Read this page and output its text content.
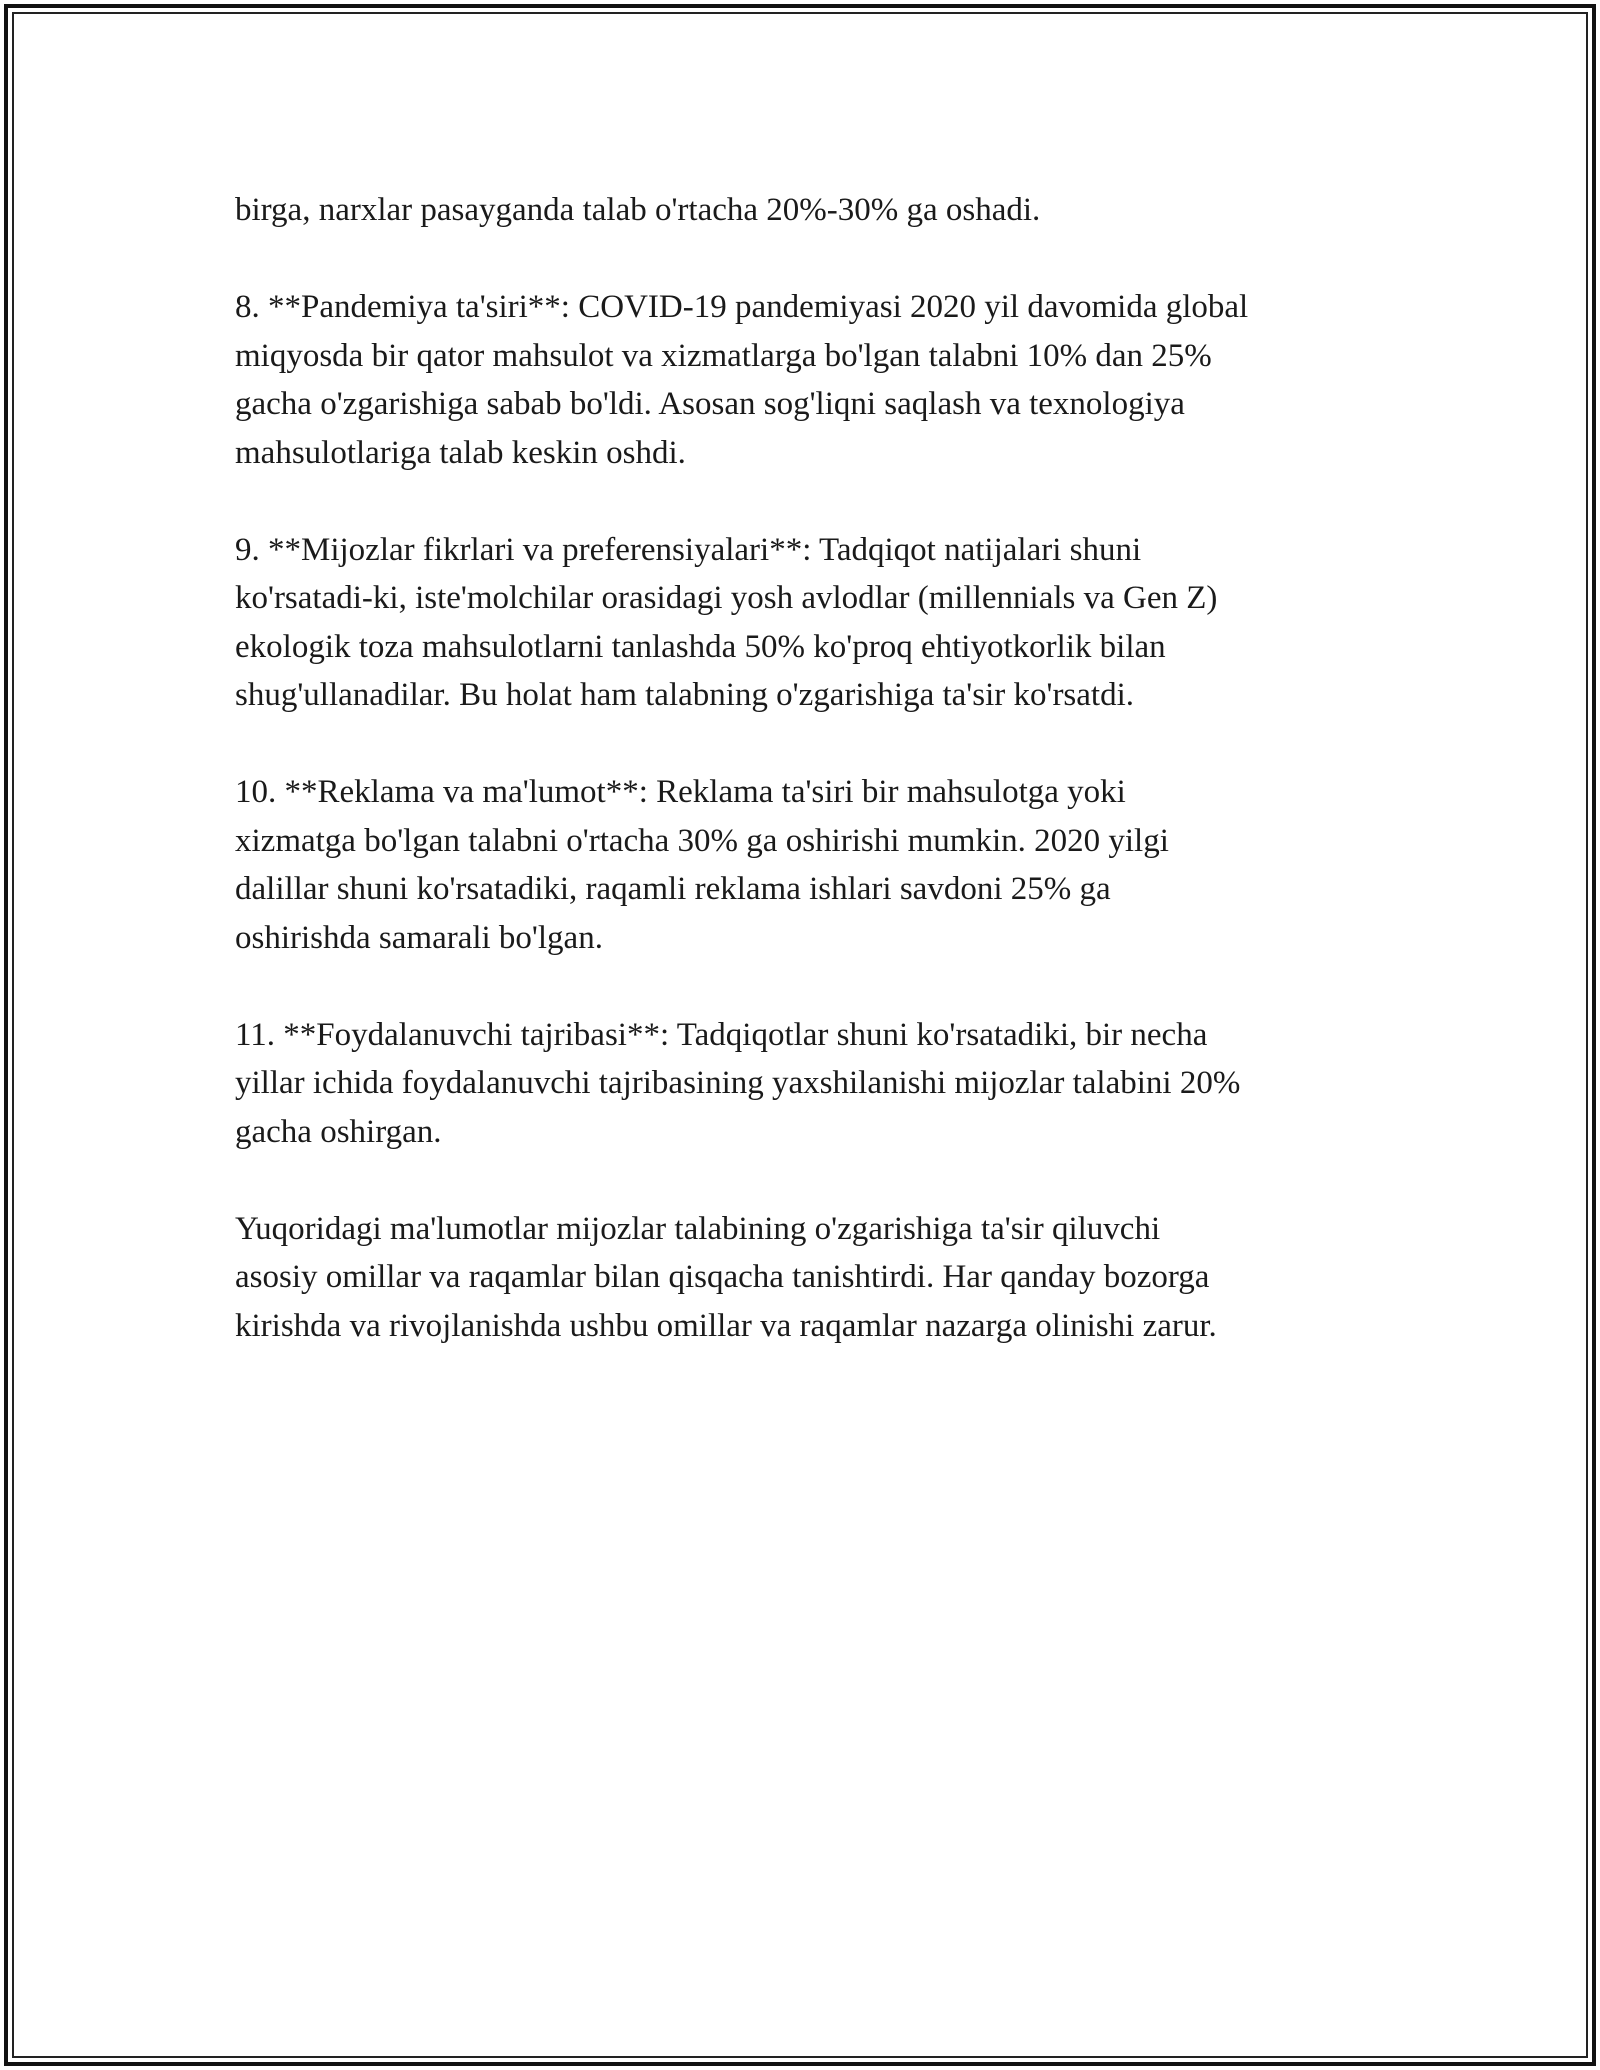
birga, narxlar pasayganda talab o'rtacha 20%-30% ga oshadi.

8. **Pandemiya ta'siri**: COVID-19 pandemiyasi 2020 yil davomida global
miqyosda bir qator mahsulot va xizmatlarga bo'lgan talabni 10% dan 25%
gacha o'zgarishiga sabab bo'ldi. Asosan sog'liqni saqlash va texnologiya
mahsulotlariga talab keskin oshdi.

9. **Mijozlar fikrlari va preferensiyalari**: Tadqiqot natijalari shuni
ko'rsatadi-ki, iste'molchilar orasidagi yosh avlodlar (millennials va Gen Z)
ekologik toza mahsulotlarni tanlashda 50% ko'proq ehtiyotkorlik bilan
shug'ullanadilar. Bu holat ham talabning o'zgarishiga ta'sir ko'rsatdi.

10. **Reklama va ma'lumot**: Reklama ta'siri bir mahsulotga yoki
xizmatga bo'lgan talabni o'rtacha 30% ga oshirishi mumkin. 2020 yilgi
dalillar shuni ko'rsatadiki, raqamli reklama ishlari savdoni 25% ga
oshirishda samarali bo'lgan.

11. **Foydalanuvchi tajribasi**: Tadqiqotlar shuni ko'rsatadiki, bir necha
yillar ichida foydalanuvchi tajribasining yaxshilanishi mijozlar talabini 20%
gacha oshirgan.

Yuqoridagi ma'lumotlar mijozlar talabining o'zgarishiga ta'sir qiluvchi
asosiy omillar va raqamlar bilan qisqacha tanishtirdi. Har qanday bozorga
kirishda va rivojlanishda ushbu omillar va raqamlar nazarga olinishi zarur.
